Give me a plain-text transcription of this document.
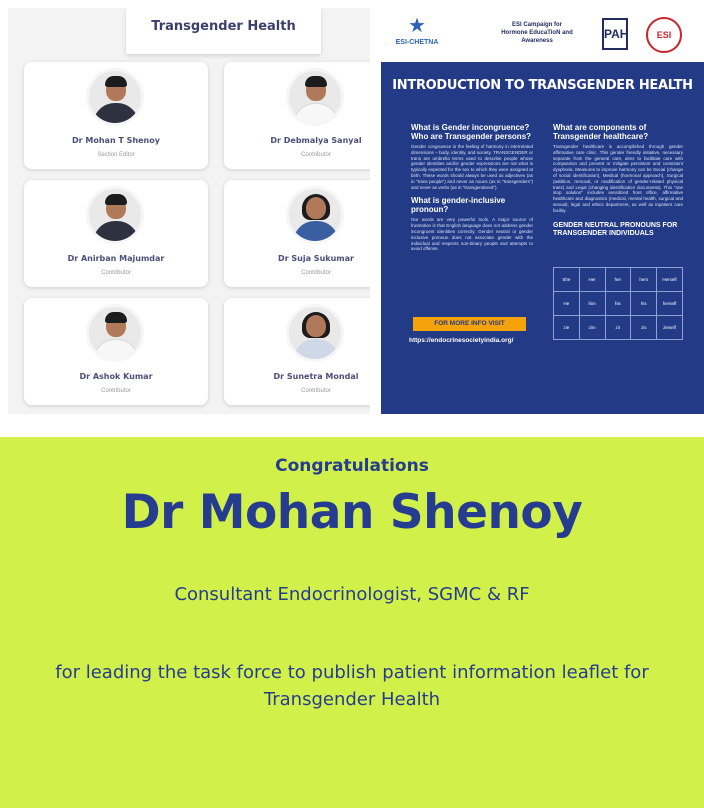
Transgender Health
Dr Mohan T Shenoy
Section Editor
Dr Debmalya Sanyal
Contributor
Dr Anirban Majumdar
Contributor
Dr Suja Sukumar
Contributor
Dr Ashok Kumar
Contributor
Dr Sunetra Mondal
Contributor
★
ESI-CHETNA
ESI Campaign for Hormone EducaTioN and Awareness	PAH	ESI
INTRODUCTION TO TRANSGENDER HEALTH
What is Gender incongruence? Who are Transgender persons?
Gender congruence is the feeling of harmony in interrelated dimensions – body, identity, and society. TRANSGENDER or trans are umbrella terms used to describe people whose gender identities and/or gender expressions are not what is typically expected for the sex to which they were assigned at birth. These words should always be used as adjectives (as in "trans people") and never as nouns (as in "transgenders") and never as verbs (as in "transgendered").
What is gender-inclusive pronoun?
Our words are very powerful tools. A major source of frustration is that English language does not address gender incongruent identities correctly. Gender neutral or gender inclusive pronoun does not associate gender with the individual and respects non-binary people and attempts to avoid offense.
What are components of Transgender healthcare?
Transgender healthcare is accomplished through gender affirmative care clinic. This gender friendly initiative, necessary separate from the general care, aims to facilitate care with compassion and prevent or mitigate persistent and consistent dysphoria. Measures to improve harmony can be Social (change of social identification), Medical (hormonal approach), Surgical (addition, removal, or modification of gender-related physical traits) and Legal (changing identification documents). This "one stop solution" includes sensitized front office, affirmative healthcare and diagnostics (medical, mental health, surgical and sexual), legal and ethics department, as well as inpatient care facility.
GENDER NEUTRAL PRONOUNS FOR TRANSGENDER INDIVIDUALS
She	Her	her	hers	Herself
He	him	his	his	herself
zie	zim	zir	zis	zieself
FOR MORE INFO VISIT
https://endocrinesocietyindia.org/
Congratulations
Dr Mohan Shenoy
Consultant Endocrinologist, SGMC & RF
for leading the task force to publish patient information leaflet for Transgender Health
